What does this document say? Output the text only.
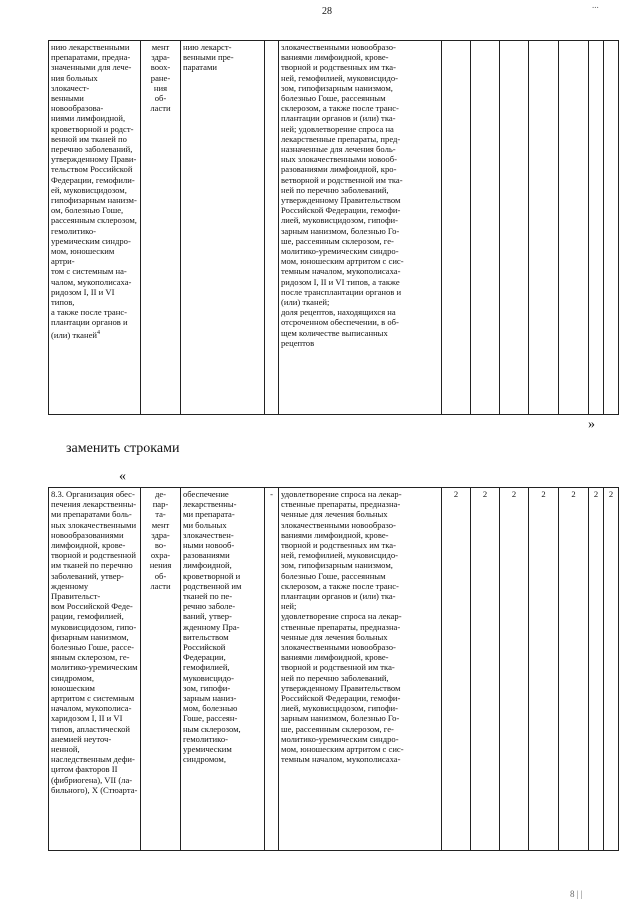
28
нию лекарственными
препаратами, предна-
значенными для лече-
ния больных злокачест-
венными новообразова-
ниями лимфоидной,
кроветворной и родст-
венной им тканей по
перечню заболеваний,
утвержденному Прави-
тельством Российской
Федерации, гемофили-
ей, муковисцидозом,
гипофизарным нанизм-
ом, болезнью Гоше,
рассеянным склерозом,
гемолитико-
уремическим синдро-
мом, юношеским артри-
том с системным на-
чалом, мукополисаха-
ридозом I, II и VI типов,
а также после транс-
плантации органов и
(или) тканей$^4$	мент
здра-
воох-
ране-
ния
об-
ласти	нию лекарст-
венными пре-
паратами		злокачественными новообразо-
ваниями лимфоидной, крове-
творной и родственных им тка-
ней, гемофилией, муковисцидо-
зом, гипофизарным нанизмом,
болезнью Гоше, рассеянным
склерозом, а также после транс-
плантации органов и (или) тка-
ней; удовлетворение спроса на
лекарственные препараты, пред-
назначенные для лечения боль-
ных злокачественными новооб-
разованиями лимфоидной, кро-
ветворной и родственной им тка-
ней по перечню заболеваний,
утвержденному Правительством
Российской Федерации, гемофи-
лией, муковисцидозом, гипофи-
зарным нанизмом, болезнью Го-
ше, рассеянным склерозом, ге-
молитико-уремическим синдро-
мом, юношеским артритом с сис-
темным началом, мукополисаха-
ридозом I, II и VI типов, а также
после трансплантации органов и
(или) тканей;
доля рецептов, находящихся на
отсроченном обеспечении, в об-
щем количестве выписанных
рецептов							
»
заменить строками
«
8.3. Организация обес-
печения лекарственны-
ми препаратами боль-
ных злокачественными
новообразованиями
лимфоидной, крове-
творной и родственной
им тканей по перечню
заболеваний, утвер-
жденному Правительст-
вом Российской Феде-
рации, гемофилией,
муковисцидозом, гипо-
физарным нанизмом,
болезнью Гоше, рассе-
янным склерозом, ге-
молитико-уремическим
синдромом, юношеским
артритом с системным
началом, мукополиса-
харидозом I, II и VI
типов, апластической
анемией неуточ-ненной,
наследственным дефи-
цитом факторов II
(фибриогена), VII (ла-
бильного), X (Стюарта-	де-
пар-
та-
мент
здра-
во-
охра-
нения
об-
ласти	обеспечение
лекарственны-
ми препарата-
ми больных
злокачествен-
ными новооб-
разованиями
лимфоидной,
кроветворной и
родственной им
тканей по пе-
речню заболе-
ваний, утвер-
жденному Пра-
вительством
Российской
Федерации,
гемофилией,
муковисцидо-
зом, гипофи-
зарным наниз-
мом, болезнью
Гоше, рассеян-
ным склерозом,
гемолитико-
уремическим
синдромом,	-	удовлетворение спроса на лекар-
ственные препараты, предназна-
ченные для лечения больных
злокачественными новообразо-
ваниями лимфоидной, крове-
творной и родственных им тка-
ней, гемофилией, муковисцидо-
зом, гипофизарным нанизмом,
болезнью Гоше, рассеянным
склерозом, а также после транс-
плантации органов и (или) тка-
ней;
удовлетворение спроса на лекар-
ственные препараты, предназна-
ченные для лечения больных
злокачественными новообразо-
ваниями лимфоидной, крове-
творной и родственной им тка-
ней по перечню заболеваний,
утвержденному Правительством
Российской Федерации, гемофи-
лией, муковисцидозом, гипофи-
зарным нанизмом, болезнью Го-
ше, рассеянным склерозом, ге-
молитико-уремическим синдро-
мом, юношеским артритом с сис-
темным началом, мукополисаха-	2	2	2	2	2	2	2
...
8 | |
